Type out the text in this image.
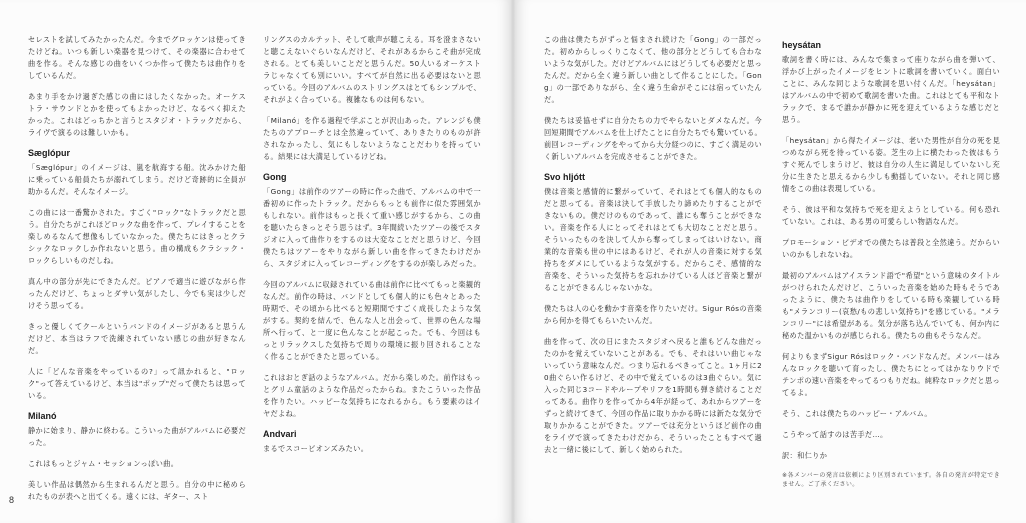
セレストを試してみたかったんだ。今までグロッケンは使ってきたけどね。いつも新しい楽器を見つけて、その楽器に合わせて曲を作る。そんな感じの曲をいくつか作って僕たちは曲作りをしているんだ。

あまり手をかけ過ぎた感じの曲にはしたくなかった。オーケストラ・サウンドとかを使ってもよかったけど、なるべく抑えたかった。これはどっちかと言うとスタジオ・トラックだから、ライヴで演るのは難しいかも。

Sæglópur

「Sæglópur」のイメージは、嵐を航海する船。沈みかけた船に乗っている船員たちが溺れてしまう。だけど奇跡的に全員が助かるんだ。そんなイメージ。

この曲には一番驚かされた。すごく"ロック"なトラックだと思う。自分たちがこれほどロックな曲を作って、プレイすることを楽しめるなんて想像もしていなかった。僕たちにはきっとクラシックなロックしか作れないと思う。曲の構成もクラシック・ロックらしいものだしね。

真ん中の部分が先にできたんだ。ピアノで適当に遊びながら作ったんだけど、ちょっとダサい気がしたし、今でも実は少しだけそう思ってる。

きっと優しくてクールというバンドのイメージがあると思うんだけど、本当はラフで洗練されていない感じの曲が好きなんだ。

人に「どんな音楽をやっているの?」って訊かれると、"ロック"って答えているけど、本当は"ポップ"だって僕たちは思っている。

Milanó

静かに始まり、静かに終わる。こういった曲がアルバムに必要だった。

これはもっとジャム・セッションっぽい曲。

美しい作品は偶然から生まれるんだと思う。自分の中に秘められたものが表へと出てくる。遠くには、ギター、スト

リングスのカルテット、そして歌声が聴こえる。耳を澄まさないと聴こえないぐらいなんだけど、それがあるからこそ曲が完成される。とても美しいことだと思うんだ。50人いるオーケストラじゃなくても別にいい。すべてが自然に出る必要はないと思っている。今回のアルバムのストリングスはとてもシンプルで、それがよく合っている。複雑なものは何もない。

「Milanó」を作る過程で学ぶことが沢山あった。アレンジも僕たちのアプローチとは全然違っていて、ありきたりのものが許されなかったし、気にもしないようなことだわりを持っている。結果には大満足しているけどね。

Gong

「Gong」は前作のツアーの時に作った曲で、アルバムの中で一番初めに作ったトラック。だからもっとも前作に似た雰囲気かもしれない。前作はもっと長くて重い感じがするから、この曲を聴いたらきっとそう思うはず。3年間続いたツアーの後でスタジオに入って曲作りをするのは大変なことだと思うけど、今回僕たちはツアーをやりながら新しい曲を作ってきたわけだから、スタジオに入ってレコーディングをするのが楽しみだった。

今回のアルバムに収録されている曲は前作に比べてもっと楽観的なんだ。前作の時は、バンドとしても個人的にも色々とあった時期で、その頃から比べると短期間ですごく成長したような気がする。契約を結んで、色んな人と出会って、世界の色んな場所へ行って、と一度に色んなことが起こった。でも、今回はもっとリラックスした気持ちで周りの環境に振り回されることなく作ることができたと思っている。

これはおとぎ話のようなアルバム。だから楽しめた。前作はもっとグリム童話のような作品だったからね。またこういった作品を作りたい。ハッピーな気持ちになれるから。もう要素のはイヤだよね。

Andvari

まるでスコービオンズみたい。

8

この曲は僕たちがずっと悩まされ続けた「Gong」の一部だった。初めからしっくりこなくて、他の部分とどうしても合わないような気がした。だけどアルバムにはどうしても必要だと思ったんだ。だから全く違う新しい曲として作ることにした。「Gong」の一部でありながら、全く違う生命がそこには宿っていたんだ。

僕たちは妥協せずに自分たちの力でやらないとダメなんだ。今回短期間でアルバムを仕上げたことに自分たちでも驚いている。前回レコーディングをやってから大分経つのに、すごく満足のいく新しいアルバムを完成させることができた。

Svo hljótt

僕は音楽と感情的に繋がっていて、それはとても個人的なものだと思ってる。音楽は決して手放したり諦めたりすることができないもの。僕だけのものであって、誰にも奪うことができない。音楽を作る人にとってそれはとても大切なことだと思う。そういったものを決して人から奪ってしまってはいけない。商業的な音楽も世の中にはあるけど、それが人の音楽に対する気持ちをダメにしているような気がする。だからこそ、感情的な音楽を、そういった気持ちを忘れかけている人ほど音楽と繋がることができるんじゃないかな。

僕たちは人の心を動かす音楽を作りたいだけ。Sigur Rósの音楽から何かを得てもらいたいんだ。

曲を作って、次の日にまたスタジオへ戻ると誰もどんな曲だったのかを覚えていないことがある。でも、それはいい曲じゃないっていう意味なんだ。つまり忘れるべきってこと。1ヶ月に20曲ぐらい作るけど、その中で覚えているのは3曲ぐらい。気に入った同じ3コードやループやリフを1時間も弾き続けることだってある。曲作りを作ってから4年が経って、あれからツアーをずっと続けてきて、今回の作品に取りかかる時には新たな気分で取りかかることができた。ツアーでは充分というほど前作の曲をライヴで演ってきたわけだから、そういったこともすべて過去と一緒に後にして、新しく始められた。

heysátan

歌詞を書く時には、みんなで集まって座りながら曲を弾いて、浮かび上がったイメージをヒントに歌詞を書いていく。面白いことに、みんな同じような歌詞を思い付くんだ。「heysátan」はアルバムの中で初めて歌詞を書いた曲。これはとても平和なトラックで、まるで誰かが静かに死を迎えているような感じだと思う。

「heysátan」から得たイメージは、老いた男性が自分の死を見つめながら死を待っている姿。芝生の上に横たわった彼はもうすぐ死んでしまうけど、彼は自分の人生に満足していないし充分に生きたと思えるから少しも動揺していない。それと同じ感情をこの曲は表現している。

そう、彼は平和な気持ちで死を迎えようとしている。何も恐れていない。これは、ある男の可愛らしい物語なんだ。

プロモーション・ビデオでの僕たちは普段と全然違う。だからいいのかもしれないね。

最初のアルバムはアイスランド語で"希望"という意味のタイトルがつけられたんだけど、こういった音楽を始めた時もそうであったように、僕たちは曲作りをしている時も楽観している時も"メランコリー(哀愁/もの悲しい気持ち)"を感じている。"メランコリー"には希望がある。気分が落ち込んでいても、何か内に秘めた温かいものが感じられる。僕たちの曲もそうなんだ。

何よりもまずSigur Rósはロック・バンドなんだ。メンバーはみんなロックを聴いて育ったし、僕たちにとってはかなりウドでテンポの速い音楽をやってるつもりだね。純粋なロックだと思ってるよ。

そう、これは僕たちのハッピー・アルバム。

こうやって話すのは苦手だ…。

訳：和仁りか

※各メンバーの発言は依頼により区別されています。各自の発言が特定できません。ご了承ください。
